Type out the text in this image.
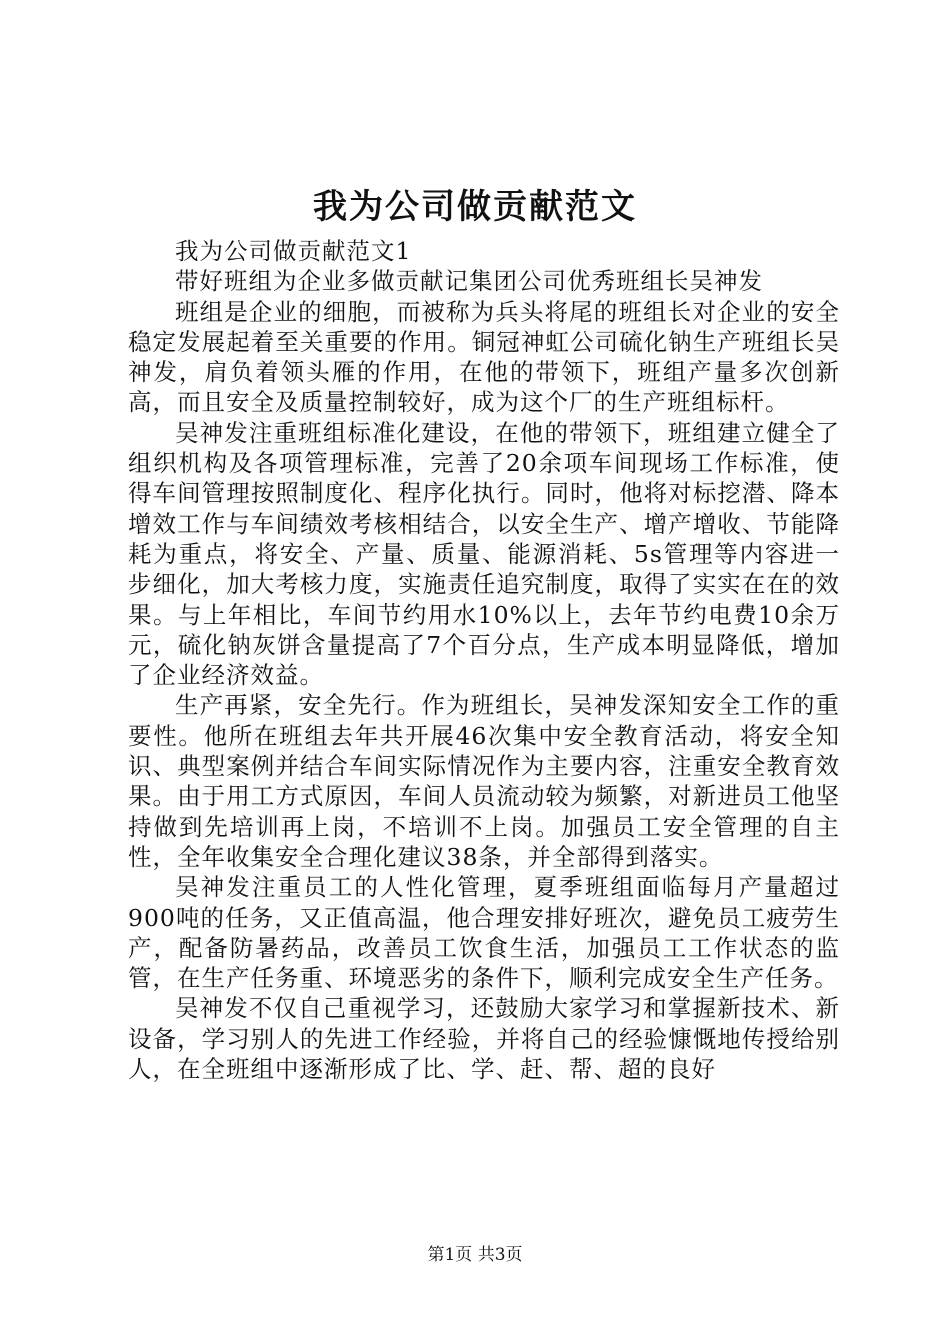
我为公司做贡献范文

我为公司做贡献范文1

带好班组为企业多做贡献记集团公司优秀班组长吴神发

班组是企业的细胞，而被称为兵头将尾的班组长对企业的安全稳定发展起着至关重要的作用。铜冠神虹公司硫化钠生产班组长吴神发，肩负着领头雁的作用，在他的带领下，班组产量多次创新高，而且安全及质量控制较好，成为这个厂的生产班组标杆。

吴神发注重班组标准化建设，在他的带领下，班组建立健全了组织机构及各项管理标准，完善了20余项车间现场工作标准，使得车间管理按照制度化、程序化执行。同时，他将对标挖潜、降本增效工作与车间绩效考核相结合，以安全生产、增产增收、节能降耗为重点，将安全、产量、质量、能源消耗、5s管理等内容进一步细化，加大考核力度，实施责任追究制度，取得了实实在在的效果。与上年相比，车间节约用水10%以上，去年节约电费10余万元，硫化钠灰饼含量提高了7个百分点，生产成本明显降低，增加了企业经济效益。

生产再紧，安全先行。作为班组长，吴神发深知安全工作的重要性。他所在班组去年共开展46次集中安全教育活动，将安全知识、典型案例并结合车间实际情况作为主要内容，注重安全教育效果。由于用工方式原因，车间人员流动较为频繁，对新进员工他坚持做到先培训再上岗，不培训不上岗。加强员工安全管理的自主性，全年收集安全合理化建议38条，并全部得到落实。

吴神发注重员工的人性化管理，夏季班组面临每月产量超过900吨的任务，又正值高温，他合理安排好班次，避免员工疲劳生产，配备防暑药品，改善员工饮食生活，加强员工工作状态的监管，在生产任务重、环境恶劣的条件下，顺利完成安全生产任务。

吴神发不仅自己重视学习，还鼓励大家学习和掌握新技术、新设备，学习别人的先进工作经验，并将自己的经验慷慨地传授给别人，在全班组中逐渐形成了比、学、赶、帮、超的良好

第1页 共3页
